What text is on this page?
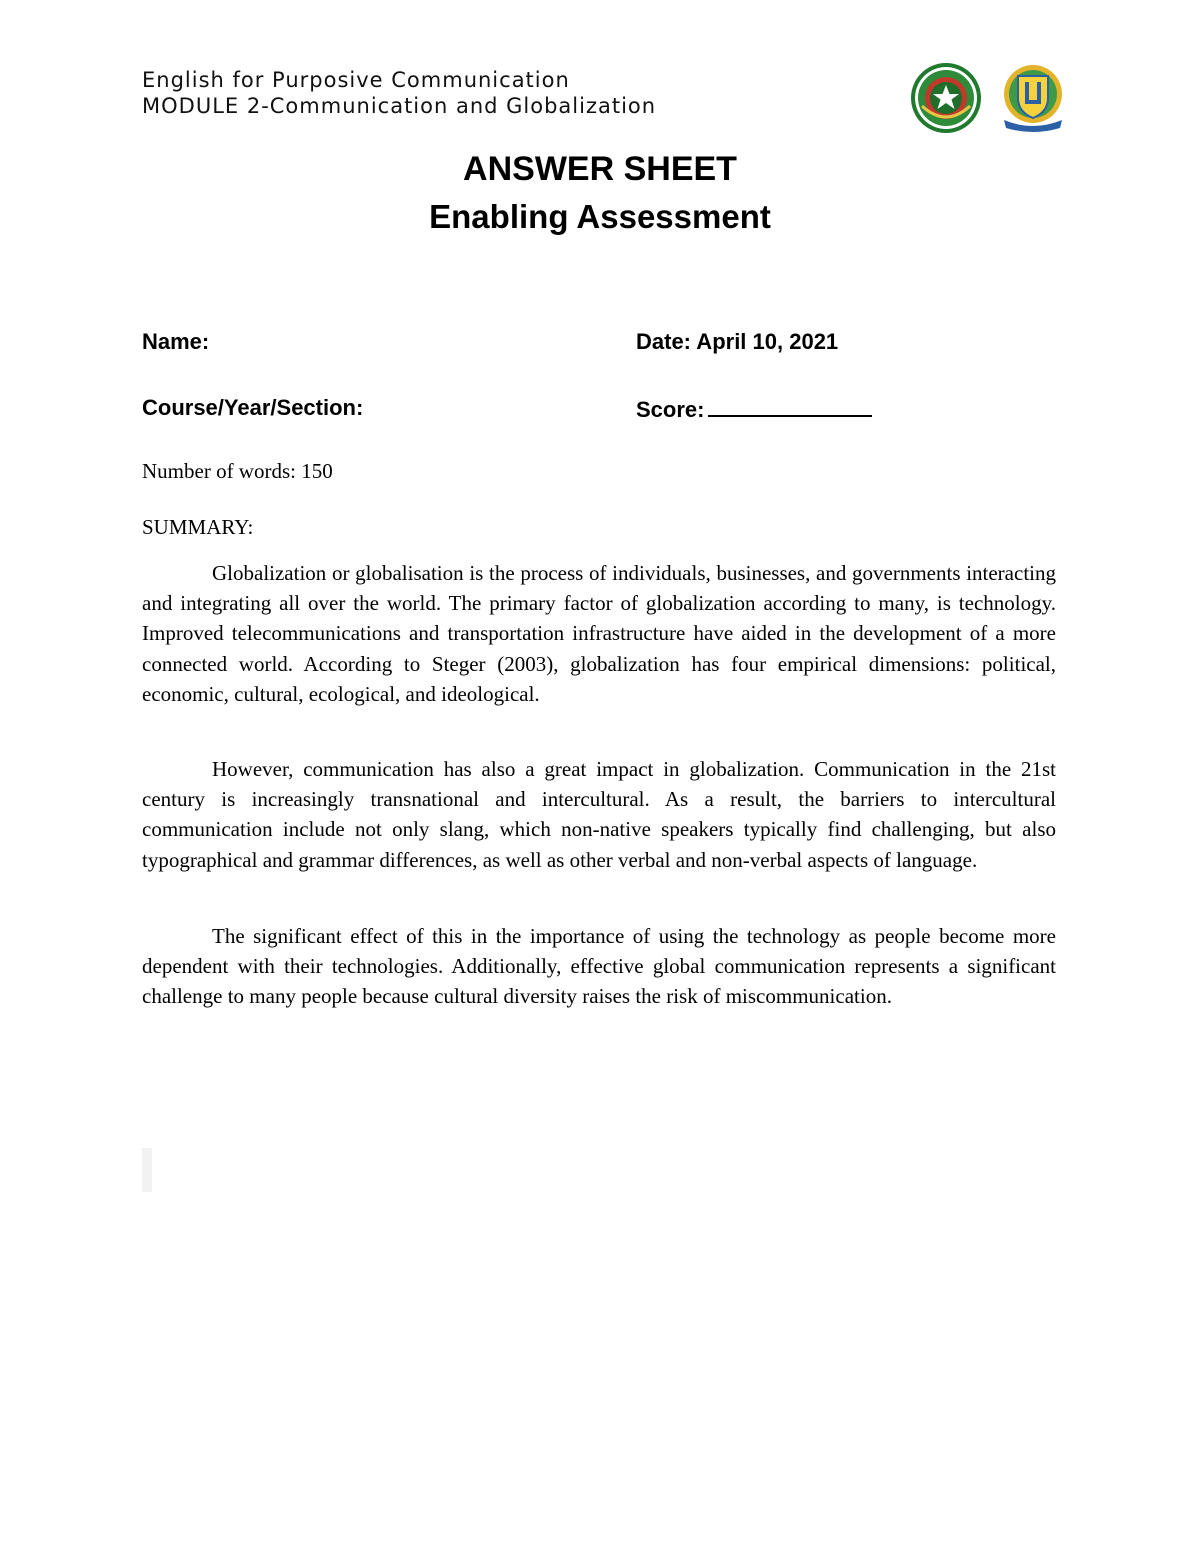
English for Purposive Communication
MODULE 2-Communication and Globalization
ANSWER SHEET
Enabling Assessment
Name:	Date: April 10, 2021
Course/Year/Section:	Score:
Number of words: 150
SUMMARY:

Globalization or globalisation is the process of individuals, businesses, and governments interacting and integrating all over the world. The primary factor of globalization according to many, is technology. Improved telecommunications and transportation infrastructure have aided in the development of a more connected world. According to Steger (2003), globalization has four empirical dimensions: political, economic, cultural, ecological, and ideological.

However, communication has also a great impact in globalization. Communication in the 21st century is increasingly transnational and intercultural. As a result, the barriers to intercultural communication include not only slang, which non-native speakers typically find challenging, but also typographical and grammar differences, as well as other verbal and non-verbal aspects of language.

The significant effect of this in the importance of using the technology as people become more dependent with their technologies. Additionally, effective global communication represents a significant challenge to many people because cultural diversity raises the risk of miscommunication.
